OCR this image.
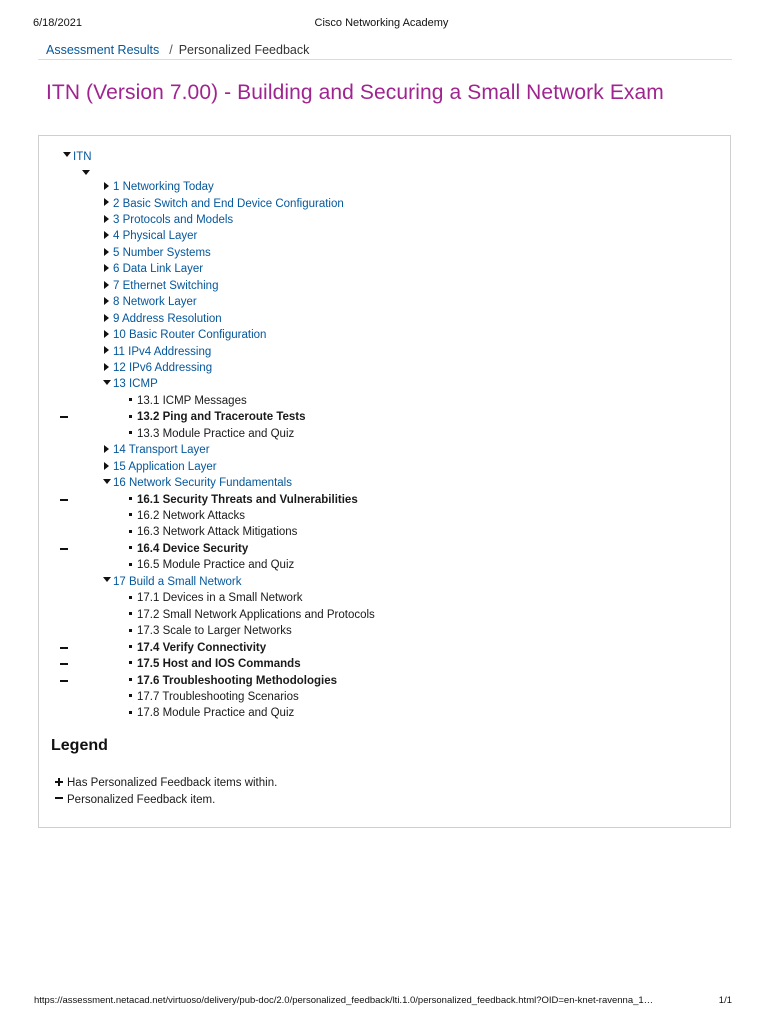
6/18/2021	Cisco Networking Academy
Assessment Results / Personalized Feedback
ITN (Version 7.00) - Building and Securing a Small Network Exam
ITN
1 Networking Today
2 Basic Switch and End Device Configuration
3 Protocols and Models
4 Physical Layer
5 Number Systems
6 Data Link Layer
7 Ethernet Switching
8 Network Layer
9 Address Resolution
10 Basic Router Configuration
11 IPv4 Addressing
12 IPv6 Addressing
13 ICMP
13.1 ICMP Messages
13.2 Ping and Traceroute Tests
13.3 Module Practice and Quiz
14 Transport Layer
15 Application Layer
16 Network Security Fundamentals
16.1 Security Threats and Vulnerabilities
16.2 Network Attacks
16.3 Network Attack Mitigations
16.4 Device Security
16.5 Module Practice and Quiz
17 Build a Small Network
17.1 Devices in a Small Network
17.2 Small Network Applications and Protocols
17.3 Scale to Larger Networks
17.4 Verify Connectivity
17.5 Host and IOS Commands
17.6 Troubleshooting Methodologies
17.7 Troubleshooting Scenarios
17.8 Module Practice and Quiz
Legend
Has Personalized Feedback items within.
Personalized Feedback item.
https://assessment.netacad.net/virtuoso/delivery/pub-doc/2.0/personalized_feedback/lti.1.0/personalized_feedback.html?OID=en-knet-ravenna_1…	1/1
